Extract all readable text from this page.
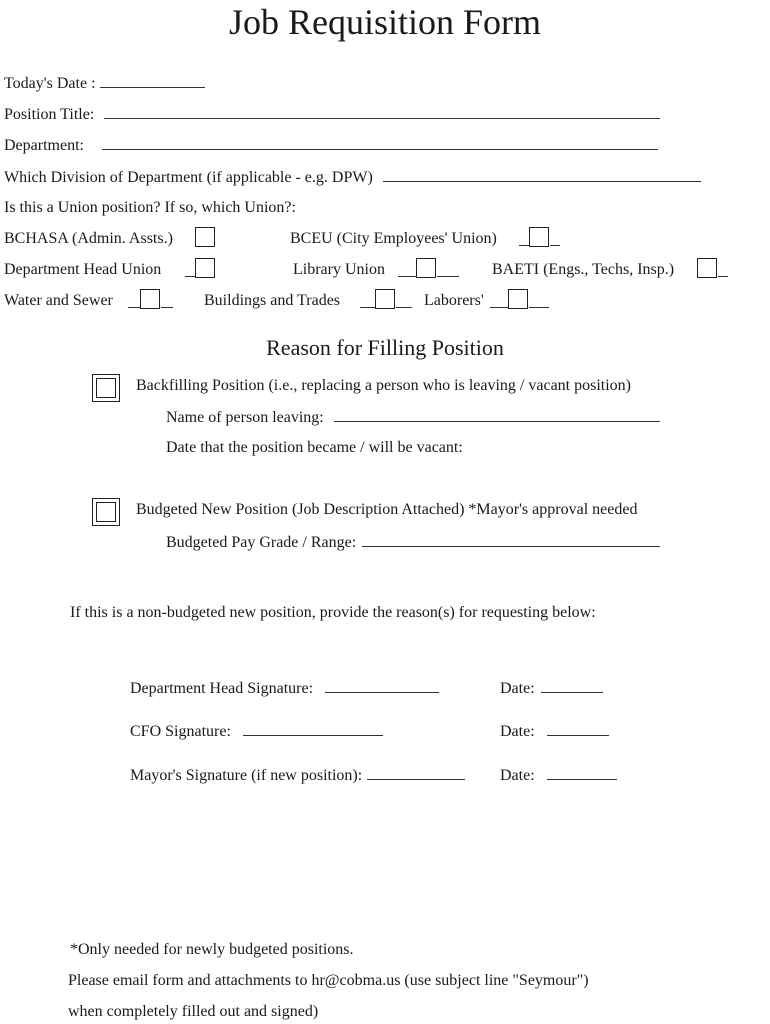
Job Requisition Form
Today's Date :
Position Title:
Department:
Which Division of Department (if applicable - e.g. DPW)
Is this a Union position? If so, which Union?:
BCHASA (Admin. Assts.)	BCEU (City Employees' Union)
Department Head Union	Library Union	BAETI (Engs., Techs, Insp.)
Water and Sewer	Buildings and Trades	Laborers'
Reason for Filling Position
Backfilling Position (i.e., replacing a person who is leaving / vacant position)
Name of person leaving:
Date that the position became / will be vacant:
Budgeted New Position (Job Description Attached) *Mayor's approval needed
Budgeted Pay Grade / Range:
If this is a non-budgeted new position, provide the reason(s) for requesting below:
Department Head Signature:	Date:
CFO Signature:	Date:
Mayor's Signature (if new position):	Date:
*Only needed for newly budgeted positions.
Please email form and attachments to hr@cobma.us (use subject line "Seymour")
when completely filled out and signed)
